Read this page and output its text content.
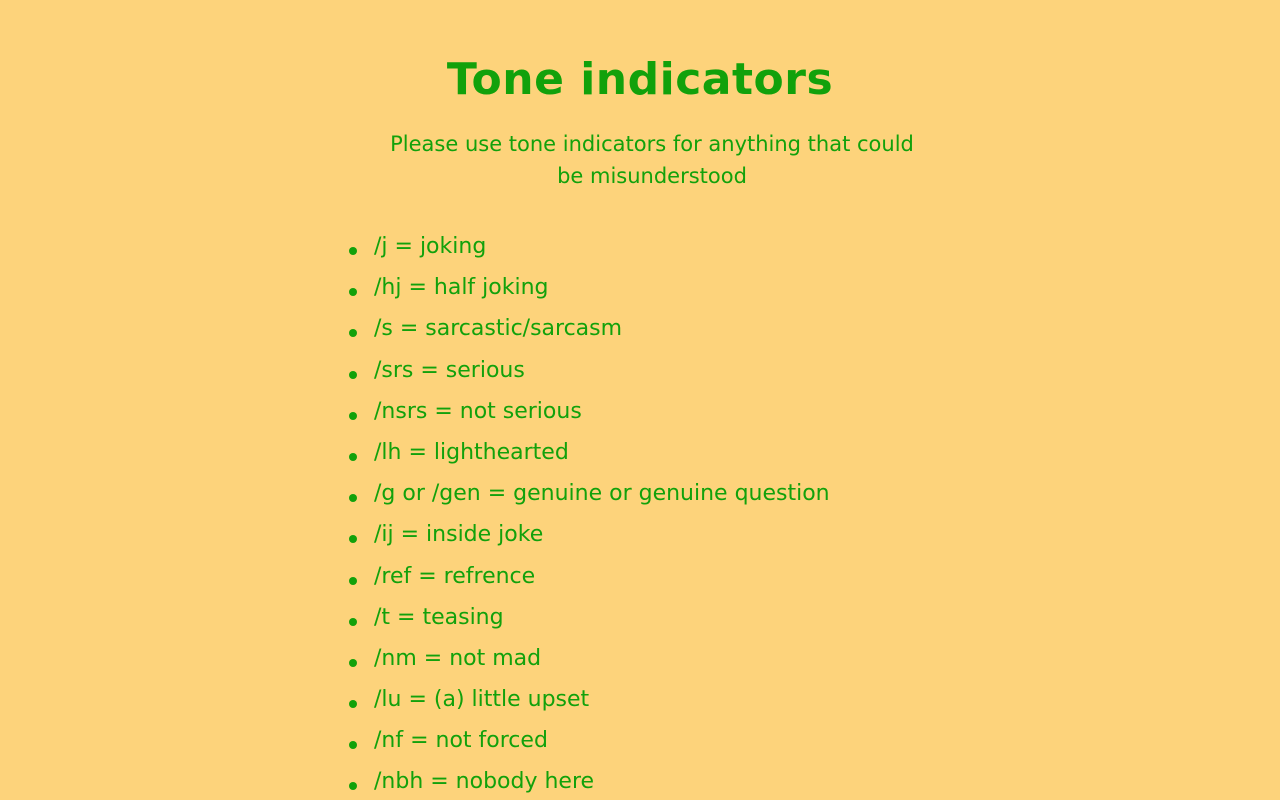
Tone indicators

Please use tone indicators for anything that could be misunderstood

/j = joking
/hj = half joking
/s = sarcastic/sarcasm
/srs = serious
/nsrs = not serious
/lh = lighthearted
/g or /gen = genuine or genuine question
/ij = inside joke
/ref = refrence
/t = teasing
/nm = not mad
/lu = (a) little upset
/nf = not forced
/nbh = nobody here
